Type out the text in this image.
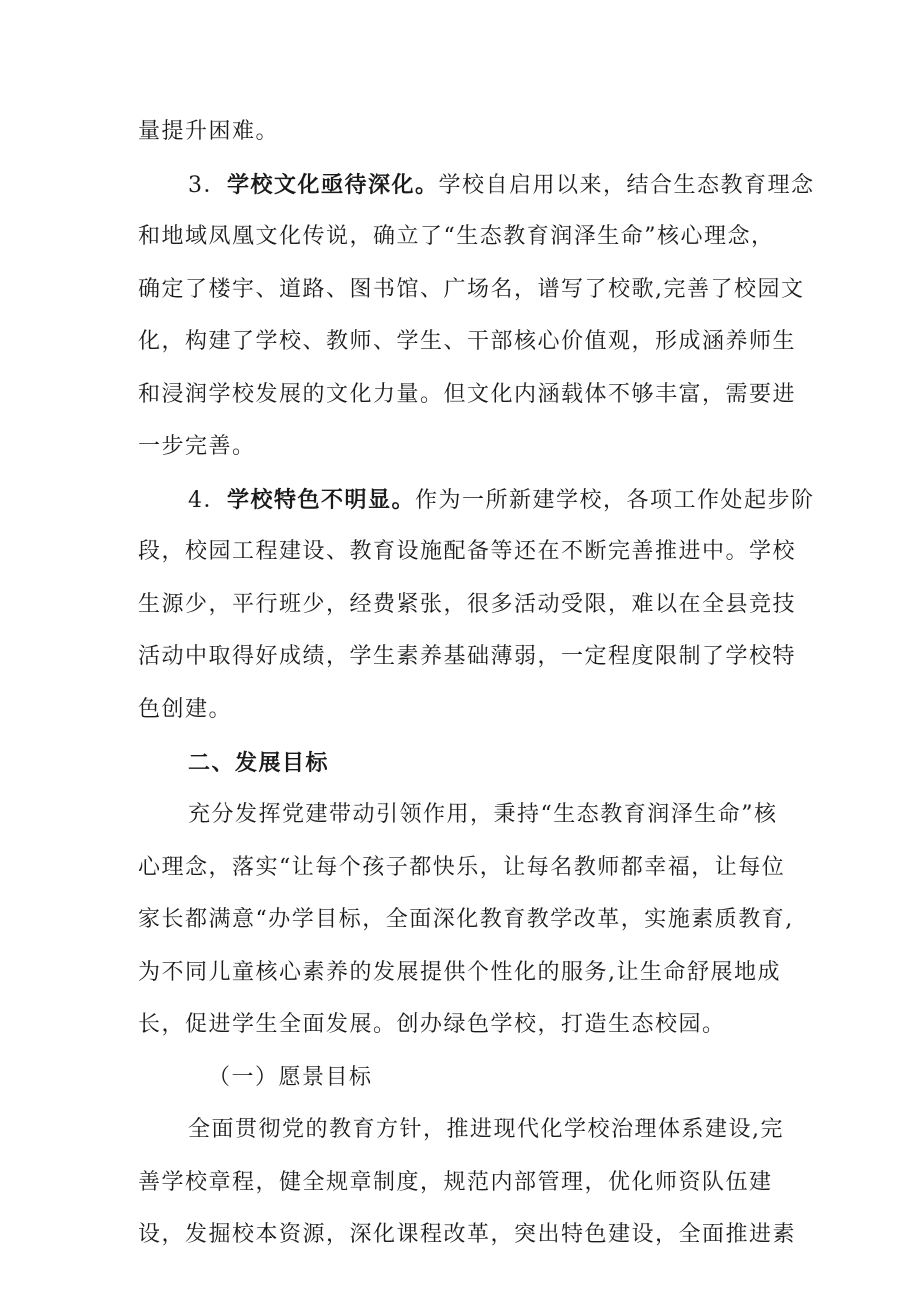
量提升困难。
3．学校文化亟待深化。学校自启用以来，结合生态教育理念
和地域凤凰文化传说，确立了“生态教育润泽生命”核心理念，
确定了楼宇、道路、图书馆、广场名，谱写了校歌,完善了校园文
化，构建了学校、教师、学生、干部核心价值观，形成涵养师生
和浸润学校发展的文化力量。但文化内涵载体不够丰富，需要进
一步完善。
4．学校特色不明显。作为一所新建学校，各项工作处起步阶
段，校园工程建设、教育设施配备等还在不断完善推进中。学校
生源少，平行班少，经费紧张，很多活动受限，难以在全县竞技
活动中取得好成绩，学生素养基础薄弱，一定程度限制了学校特
色创建。
二、发展目标
充分发挥党建带动引领作用，秉持“生态教育润泽生命”核
心理念，落实“让每个孩子都快乐，让每名教师都幸福，让每位
家长都满意“办学目标，全面深化教育教学改革，实施素质教育,
为不同儿童核心素养的发展提供个性化的服务,让生命舒展地成
长，促进学生全面发展。创办绿色学校，打造生态校园。
（一）愿景目标
全面贯彻党的教育方针，推进现代化学校治理体系建设,完
善学校章程，健全规章制度，规范内部管理，优化师资队伍建
设，发掘校本资源，深化课程改革，突出特色建设，全面推进素
